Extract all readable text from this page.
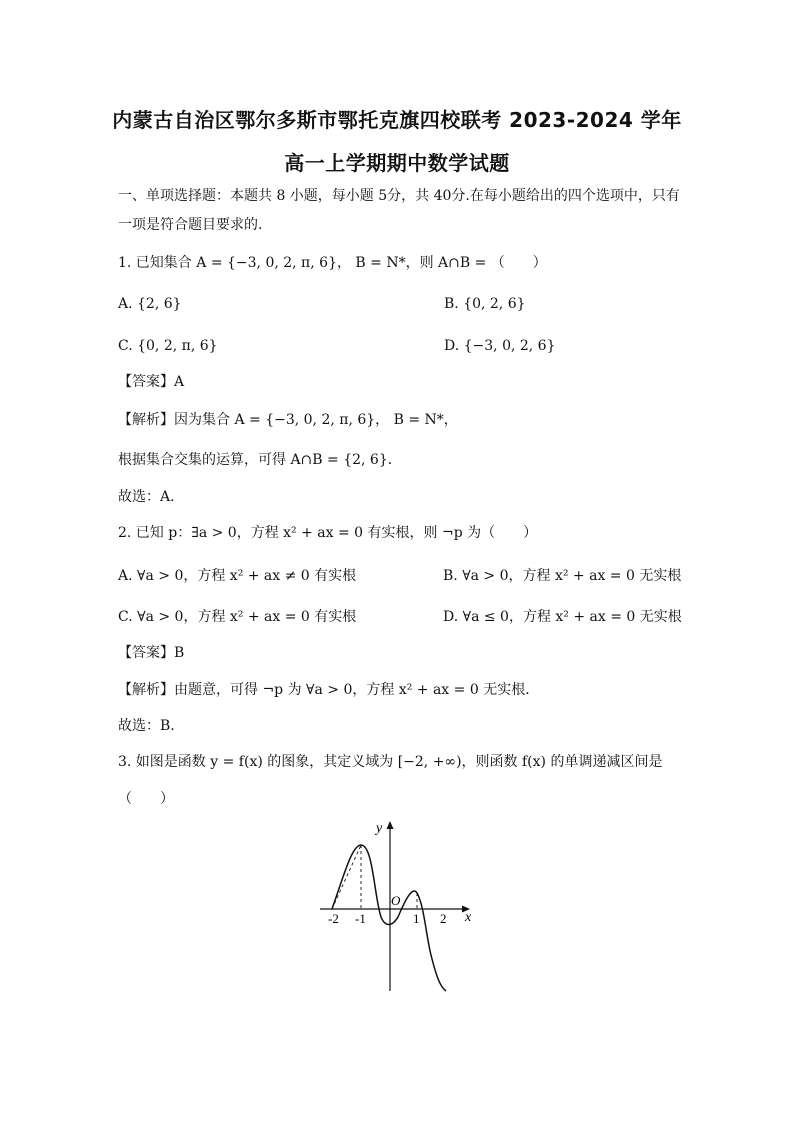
内蒙古自治区鄂尔多斯市鄂托克旗四校联考 2023-2024 学年
高一上学期期中数学试题
一、单项选择题：本题共 8 小题，每小题 5分，共 40分.在每小题给出的四个选项中，只有
一项是符合题目要求的.
1. 已知集合 A = {−3, 0, 2, π, 6}， B = N*，则 A∩B = （　　）
A. {2, 6}	B. {0, 2, 6}
C. {0, 2, π, 6}	D. {−3, 0, 2, 6}
【答案】A
【解析】因为集合 A = {−3, 0, 2, π, 6}， B = N*，
根据集合交集的运算，可得 A∩B = {2, 6}．
故选：A．
2. 已知 p：∃a > 0，方程 x² + ax = 0 有实根，则 ¬p 为（　　）
A. ∀a > 0，方程 x² + ax ≠ 0 有实根	B. ∀a > 0，方程 x² + ax = 0 无实根
C. ∀a > 0，方程 x² + ax = 0 有实根	D. ∀a ≤ 0，方程 x² + ax = 0 无实根
【答案】B
【解析】由题意，可得 ¬p 为 ∀a > 0，方程 x² + ax = 0 无实根．
故选：B.
3. 如图是函数 y = f(x) 的图象，其定义域为 [−2, +∞)，则函数 f(x) 的单调递减区间是
（　　）
y
x
O
-2 -1	1 2
